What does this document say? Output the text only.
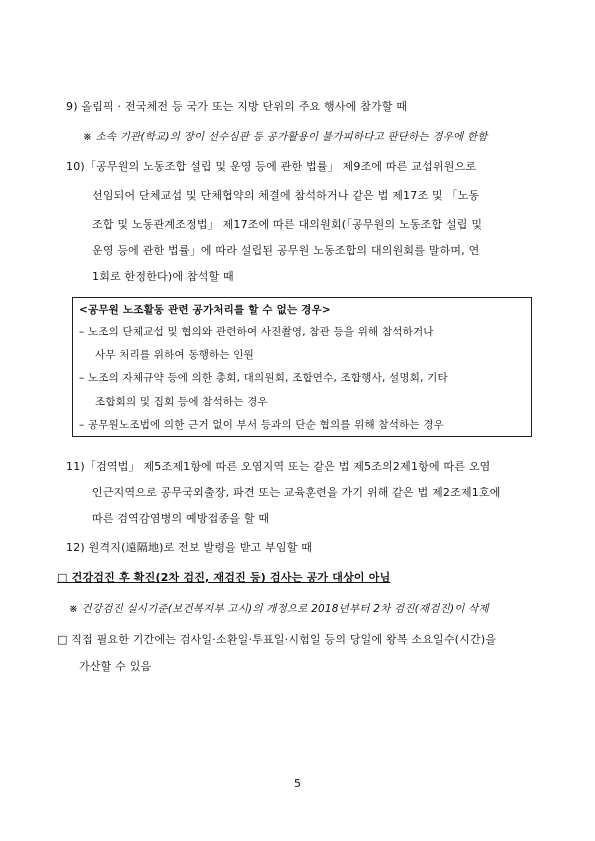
9) 올림픽 · 전국체전 등 국가 또는 지방 단위의 주요 행사에 참가할 때
※ 소속 기관(학교)의 장이 선수심판 등 공가활용이 불가피하다고 판단하는 경우에 한함
10)「공무원의 노동조합 설립 및 운영 등에 관한 법률」 제9조에 따른 교섭위원으로
선임되어 단체교섭 및 단체협약의 체결에 참석하거나 같은 법 제17조 및 「노동
조합 및 노동관계조정법」 제17조에 따른 대의원회(「공무원의 노동조합 설립 및
운영 등에 관한 법률」에 따라 설립된 공무원 노동조합의 대의원회를 말하며, 연
1회로 한정한다)에 참석할 때
<공무원 노조활동 관련 공가처리를 할 수 없는 경우>
– 노조의 단체교섭 및 협의와 관련하여 사진촬영, 참관 등을 위해 참석하거나
사무 처리를 위하여 동행하는 인원
– 노조의 자체규약 등에 의한 총회, 대의원회, 조합연수, 조합행사, 설명회, 기타
조합회의 및 집회 등에 참석하는 경우
– 공무원노조법에 의한 근거 없이 부서 등과의 단순 협의를 위해 참석하는 경우
11)「검역법」 제5조제1항에 따른 오염지역 또는 같은 법 제5조의2제1항에 따른 오염
인근지역으로 공무국외출장, 파견 또는 교육훈련을 가기 위해 같은 법 제2조제1호에
따른 검역감염병의 예방접종을 할 때
12) 원격지(遠隔地)로 전보 발령을 받고 부임할 때
□ 건강검진 후 확진(2차 검진, 재검진 등) 검사는 공가 대상이 아님
※ 건강검진 실시기준(보건복지부 고시)의 개정으로 2018년부터 2차 검진(재검진)이 삭제
□ 직접 필요한 기간에는 검사일·소환일·투표일·시험일 등의 당일에 왕복 소요일수(시간)을
가산할 수 있음
5
